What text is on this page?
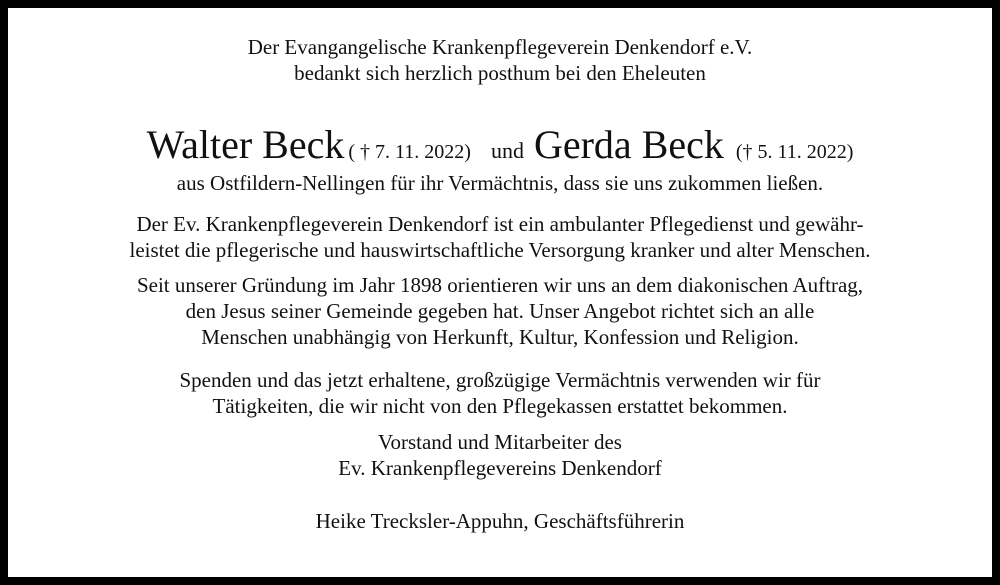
Der Evangangelische Krankenpflegeverein Denkendorf e.V.
bedankt sich herzlich posthum bei den Eheleuten
Walter Beck ( † 7. 11. 2022) und Gerda Beck († 5. 11. 2022)
aus Ostfildern-Nellingen für ihr Vermächtnis, dass sie uns zukommen ließen.
Der Ev. Krankenpflegeverein Denkendorf ist ein ambulanter Pflegedienst und gewähr-
leistet die pflegerische und hauswirtschaftliche Versorgung kranker und alter Menschen.
Seit unserer Gründung im Jahr 1898 orientieren wir uns an dem diakonischen Auftrag,
den Jesus seiner Gemeinde gegeben hat. Unser Angebot richtet sich an alle
Menschen unabhängig von Herkunft, Kultur, Konfession und Religion.
Spenden und das jetzt erhaltene, großzügige Vermächtnis verwenden wir für
Tätigkeiten, die wir nicht von den Pflegekassen erstattet bekommen.
Vorstand und Mitarbeiter des
Ev. Krankenpflegevereins Denkendorf
Heike Trecksler-Appuhn, Geschäftsführerin
